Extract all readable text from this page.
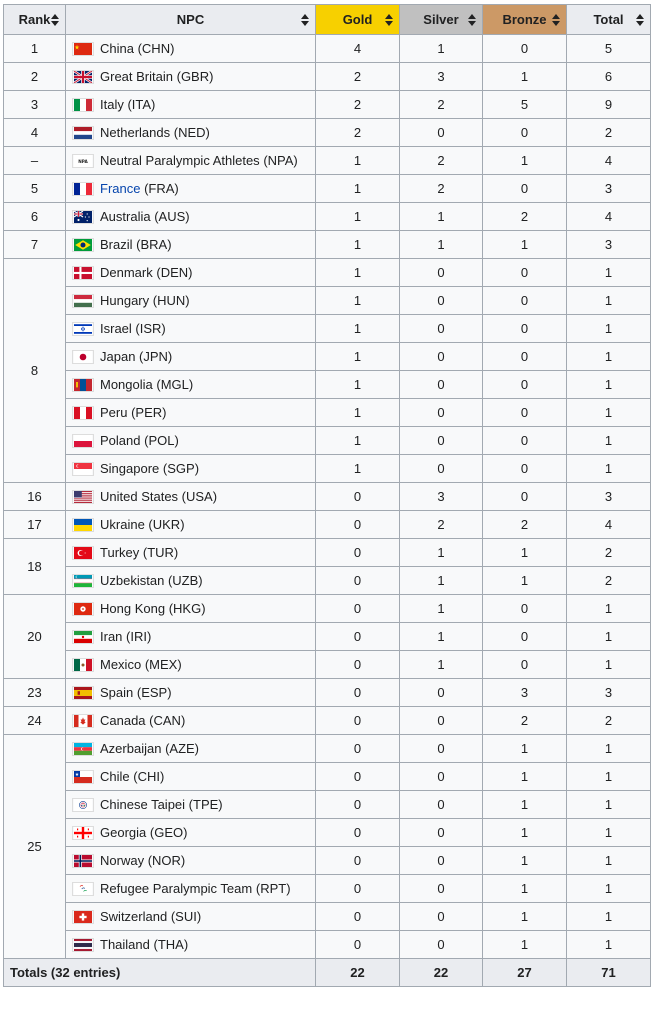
Rank	NPC	Gold	Silver	Bronze	Total

1	China (CHN)	4	1	0	5
2	Great Britain (GBR)	2	3	1	6
3	Italy (ITA)	2	2	5	9
4	Netherlands (NED)	2	0	0	2
–	NPA Neutral Paralympic Athletes (NPA)	1	2	1	4
5	France (FRA)	1	2	0	3
6	Australia (AUS)	1	1	2	4
7	Brazil (BRA)	1	1	1	3
8	Denmark (DEN)	1	0	0	1

Hungary (HUN)	1	0	0	1

Israel (ISR)	1	0	0	1

Japan (JPN)	1	0	0	1

Mongolia (MGL)	1	0	0	1

Peru (PER)	1	0	0	1

Poland (POL)	1	0	0	1

Singapore (SGP)	1	0	0	1
16	United States (USA)	0	3	0	3
17	Ukraine (UKR)	0	2	2	4
18	Turkey (TUR)	0	1	1	2

Uzbekistan (UZB)	0	1	1	2
20	Hong Kong (HKG)	0	1	0	1

Iran (IRI)	0	1	0	1

Mexico (MEX)	0	1	0	1
23	Spain (ESP)	0	0	3	3
24	Canada (CAN)	0	0	2	2
25	Azerbaijan (AZE)	0	0	1	1

Chile (CHI)	0	0	1	1

Chinese Taipei (TPE)	0	0	1	1

Georgia (GEO)	0	0	1	1

Norway (NOR)	0	0	1	1

Refugee Paralympic Team (RPT)	0	0	1	1

Switzerland (SUI)	0	0	1	1

Thailand (THA)	0	0	1	1
Totals (32 entries)		22	22	27	71
